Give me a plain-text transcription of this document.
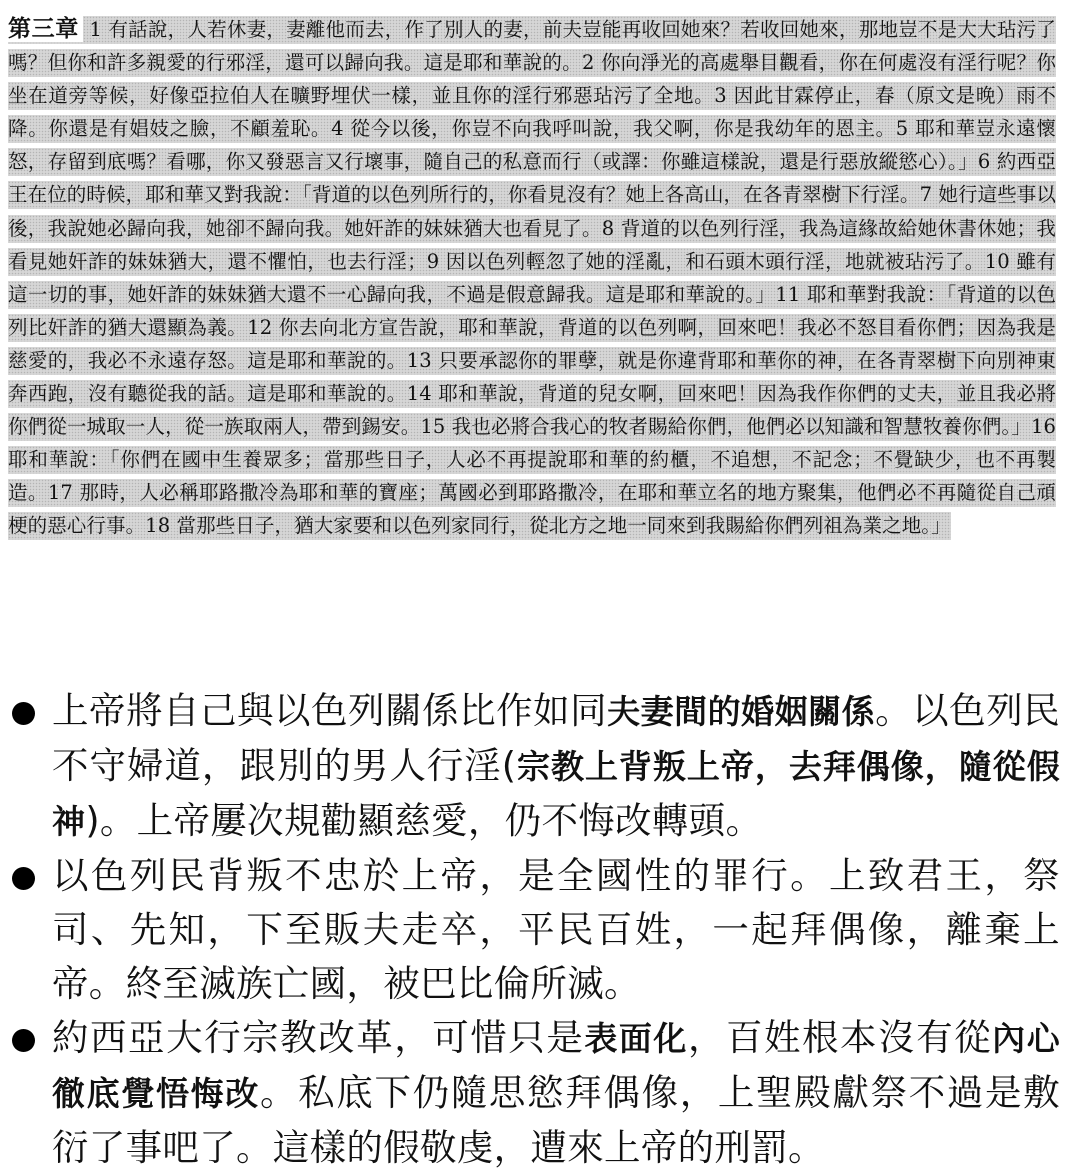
第三章 1 有話說，人若休妻，妻離他而去，作了別人的妻，前夫豈能再收回她來？若收回她來，那地豈不是大大玷污了嗎？但你和許多親愛的行邪淫，還可以歸向我。這是耶和華說的。2 你向淨光的高處舉目觀看，你在何處沒有淫行呢？你坐在道旁等候，好像亞拉伯人在曠野埋伏一樣，並且你的淫行邪惡玷污了全地。3 因此甘霖停止，春（原文是晚）雨不降。你還是有娼妓之臉，不顧羞恥。4 從今以後，你豈不向我呼叫說，我父啊，你是我幼年的恩主。5 耶和華豈永遠懷怒，存留到底嗎？看哪，你又發惡言又行壞事，隨自己的私意而行（或譯：你雖這樣說，還是行惡放縱慾心）。」6 約西亞王在位的時候，耶和華又對我說：「背道的以色列所行的，你看見沒有？她上各高山，在各青翠樹下行淫。7 她行這些事以後，我說她必歸向我，她卻不歸向我。她奸詐的妹妹猶大也看見了。8 背道的以色列行淫，我為這緣故給她休書休她；我看見她奸詐的妹妹猶大，還不懼怕，也去行淫；9 因以色列輕忽了她的淫亂，和石頭木頭行淫，地就被玷污了。10 雖有這一切的事，她奸詐的妹妹猶大還不一心歸向我，不過是假意歸我。這是耶和華說的。」11 耶和華對我說：「背道的以色列比奸詐的猶大還顯為義。12 你去向北方宣告說，耶和華說，背道的以色列啊，回來吧！我必不怒目看你們；因為我是慈愛的，我必不永遠存怒。這是耶和華說的。13 只要承認你的罪孽，就是你違背耶和華你的神，在各青翠樹下向別神東奔西跑，沒有聽從我的話。這是耶和華說的。14 耶和華說，背道的兒女啊，回來吧！因為我作你們的丈夫，並且我必將你們從一城取一人，從一族取兩人，帶到錫安。15 我也必將合我心的牧者賜給你們，他們必以知識和智慧牧養你們。」16 耶和華說：「你們在國中生養眾多；當那些日子，人必不再提說耶和華的約櫃，不追想，不記念；不覺缺少，也不再製造。17 那時，人必稱耶路撒冷為耶和華的寶座；萬國必到耶路撒冷，在耶和華立名的地方聚集，他們必不再隨從自己頑梗的惡心行事。18 當那些日子，猶大家要和以色列家同行，從北方之地一同來到我賜給你們列祖為業之地。」
上帝將自己與以色列關係比作如同夫妻間的婚姻關係。以色列民不守婦道，跟別的男人行淫(宗教上背叛上帝，去拜偶像，隨從假神)。上帝屢次規勸顯慈愛，仍不悔改轉頭。
以色列民背叛不忠於上帝，是全國性的罪行。上致君王，祭司、先知，下至販夫走卒，平民百姓，一起拜偶像，離棄上帝。終至滅族亡國，被巴比倫所滅。
約西亞大行宗教改革，可惜只是表面化，百姓根本沒有從內心徹底覺悟悔改。私底下仍隨思慾拜偶像，上聖殿獻祭不過是敷衍了事吧了。這樣的假敬虔，遭來上帝的刑罰。
